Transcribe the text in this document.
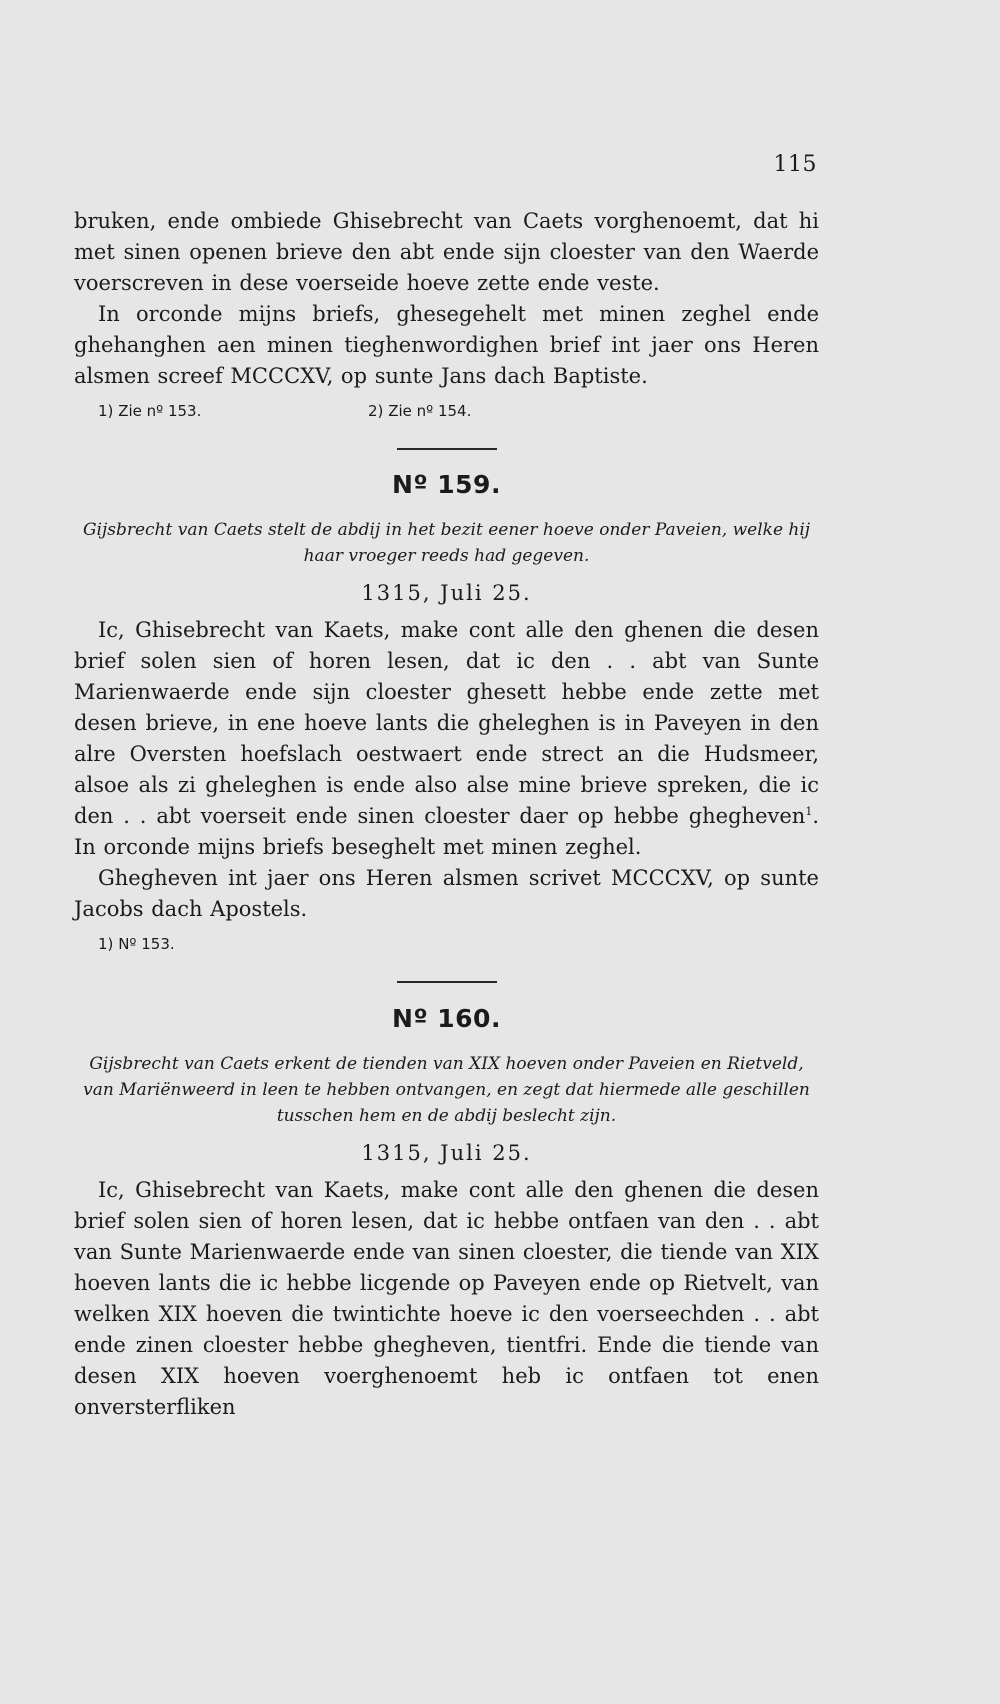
115

bruken, ende ombiede Ghisebrecht van Caets vorghenoemt, dat hi met sinen openen brieve den abt ende sijn cloester van den Waerde voerscreven in dese voerseide hoeve zette ende veste.

In orconde mijns briefs, ghesegehelt met minen zeghel ende ghehanghen aen minen tieghenwordighen brief int jaer ons Heren alsmen screef MCCCXV, op sunte Jans dach Baptiste.

1) Zie nº 153.	2) Zie nº 154.
Nº 159.

Gijsbrecht van Caets stelt de abdij in het bezit eener hoeve onder Paveien, welke hij haar vroeger reeds had gegeven.

1315, Juli 25.

Ic, Ghisebrecht van Kaets, make cont alle den ghenen die desen brief solen sien of horen lesen, dat ic den . . abt van Sunte Marienwaerde ende sijn cloester ghesett hebbe ende zette met desen brieve, in ene hoeve lants die gheleghen is in Paveyen in den alre Oversten hoefslach oestwaert ende strect an die Hudsmeer, alsoe als zi gheleghen is ende also alse mine brieve spreken, die ic den . . abt voerseit ende sinen cloester daer op hebbe ghegheven$^1$. In orconde mijns briefs beseghelt met minen zeghel.

Ghegheven int jaer ons Heren alsmen scrivet MCCCXV, op sunte Jacobs dach Apostels.

1) Nº 153.
Nº 160.

Gijsbrecht van Caets erkent de tienden van XIX hoeven onder Paveien en Rietveld, van Mariënweerd in leen te hebben ontvangen, en zegt dat hiermede alle geschillen tusschen hem en de abdij beslecht zijn.

1315, Juli 25.

Ic, Ghisebrecht van Kaets, make cont alle den ghenen die desen brief solen sien of horen lesen, dat ic hebbe ontfaen van den . . abt van Sunte Marienwaerde ende van sinen cloester, die tiende van XIX hoeven lants die ic hebbe licgende op Paveyen ende op Rietvelt, van welken XIX hoeven die twintichte hoeve ic den voerseechden . . abt ende zinen cloester hebbe ghegheven, tientfri. Ende die tiende van desen XIX hoeven voerghenoemt heb ic ontfaen tot enen onversterfliken
